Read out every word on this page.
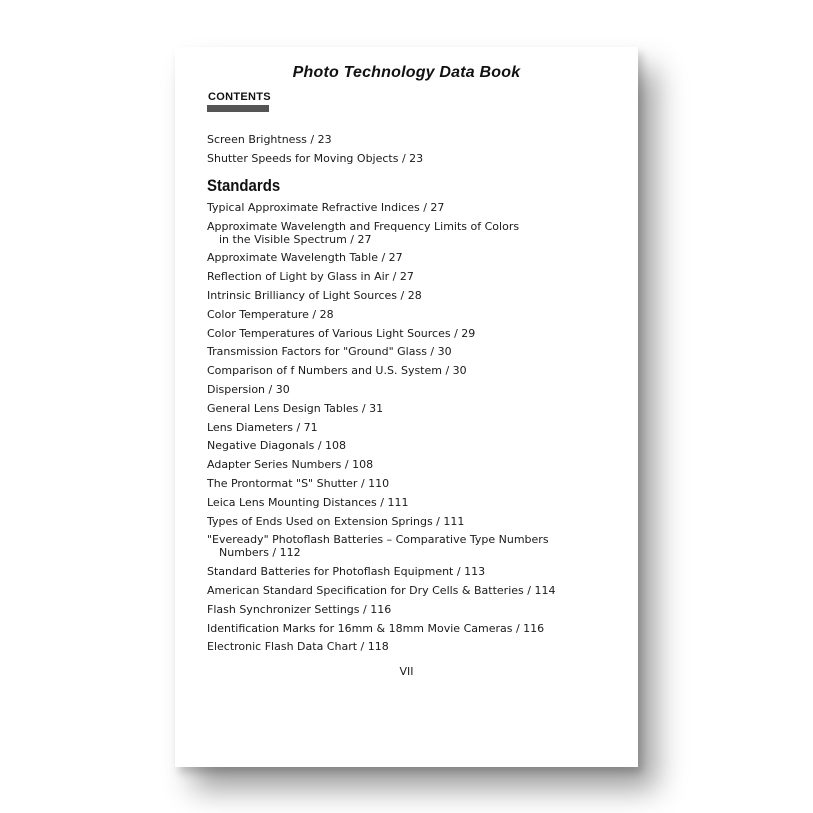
Photo Technology Data Book
CONTENTS
Screen Brightness / 23
Shutter Speeds for Moving Objects / 23
Standards
Typical Approximate Refractive Indices / 27
Approximate Wavelength and Frequency Limits of Colors
in the Visible Spectrum / 27
Approximate Wavelength Table / 27
Reflection of Light by Glass in Air / 27
Intrinsic Brilliancy of Light Sources / 28
Color Temperature / 28
Color Temperatures of Various Light Sources / 29
Transmission Factors for "Ground" Glass / 30
Comparison of f Numbers and U.S. System / 30
Dispersion / 30
General Lens Design Tables / 31
Lens Diameters / 71
Negative Diagonals / 108
Adapter Series Numbers / 108
The Prontormat "S" Shutter / 110
Leica Lens Mounting Distances / 111
Types of Ends Used on Extension Springs / 111
"Eveready" Photoflash Batteries – Comparative Type Numbers
Numbers / 112
Standard Batteries for Photoflash Equipment / 113
American Standard Specification for Dry Cells & Batteries / 114
Flash Synchronizer Settings / 116
Identification Marks for 16mm & 18mm Movie Cameras / 116
Electronic Flash Data Chart / 118
VII
